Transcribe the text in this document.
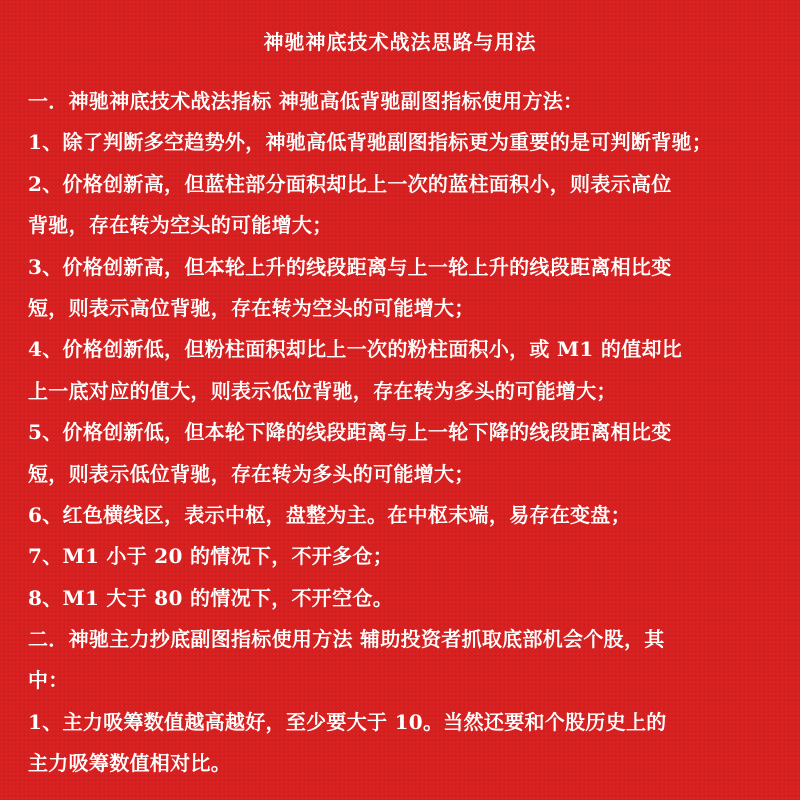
神驰神底技术战法思路与用法
一．神驰神底技术战法指标 神驰高低背驰副图指标使用方法：
1、除了判断多空趋势外，神驰高低背驰副图指标更为重要的是可判断背驰；
2、价格创新高，但蓝柱部分面积却比上一次的蓝柱面积小，则表示高位
背驰，存在转为空头的可能增大；
3、价格创新高，但本轮上升的线段距离与上一轮上升的线段距离相比变
短，则表示高位背驰，存在转为空头的可能增大；
4、价格创新低，但粉柱面积却比上一次的粉柱面积小，或 M1 的值却比
上一底对应的值大，则表示低位背驰，存在转为多头的可能增大；
5、价格创新低，但本轮下降的线段距离与上一轮下降的线段距离相比变
短，则表示低位背驰，存在转为多头的可能增大；
6、红色横线区，表示中枢，盘整为主。在中枢末端，易存在变盘；
7、M1 小于 20 的情况下，不开多仓；
8、M1 大于 80 的情况下，不开空仓。
二．神驰主力抄底副图指标使用方法 辅助投资者抓取底部机会个股，其
中：
1、主力吸筹数值越高越好，至少要大于 10。当然还要和个股历史上的
主力吸筹数值相对比。
